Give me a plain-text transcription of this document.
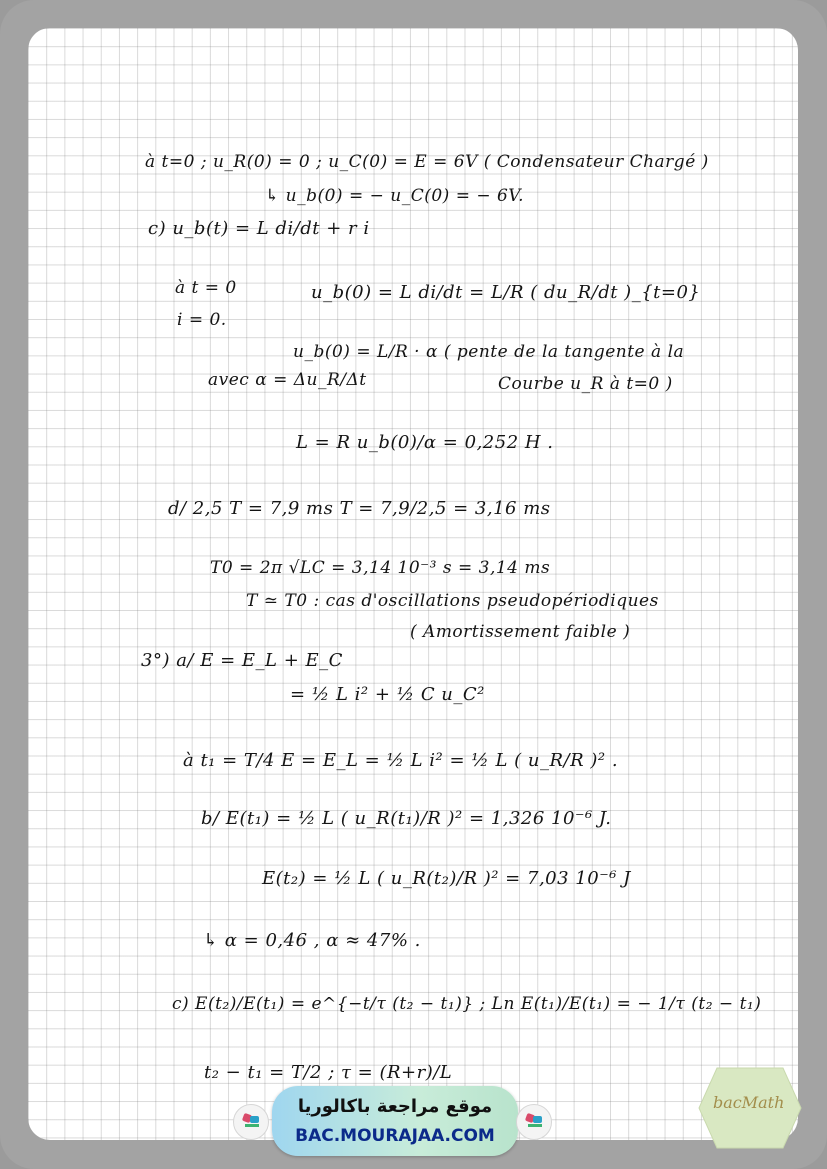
à t=0 ; u_R(0) = 0 ; u_C(0) = E = 6V ( Condensateur Chargé )
↳ u_b(0) = − u_C(0) = − 6V.
c) u_b(t) = L di/dt + r i
à t = 0
i = 0.
u_b(0) = L di/dt = L/R ( du_R/dt )_{t=0}
u_b(0) = L/R · α ( pente de la tangente à la
avec α = Δu_R/Δt	Courbe u_R à t=0 )
L = R u_b(0)/α = 0,252 H .
d/ 2,5 T = 7,9 ms T = 7,9/2,5 = 3,16 ms
T0 = 2π √LC = 3,14 10⁻³ s = 3,14 ms
T ≃ T0 : cas d'oscillations pseudopériodiques
( Amortissement faible )
3°) a/ E = E_L + E_C
= ½ L i² + ½ C u_C²
à t₁ = T/4 E = E_L = ½ L i² = ½ L ( u_R/R )² .
b/ E(t₁) = ½ L ( u_R(t₁)/R )² = 1,326 10⁻⁶ J.
E(t₂) = ½ L ( u_R(t₂)/R )² = 7,03 10⁻⁶ J
↳ α = 0,46 , α ≈ 47% .
c) E(t₂)/E(t₁) = e^{−t/τ (t₂ − t₁)} ; Ln E(t₁)/E(t₁) = − 1/τ (t₂ − t₁)
t₂ − t₁ = T/2 ; τ = (R+r)/L
موقع مراجعة باكالوريا
BAC.MOURAJAA.COM
bacMath
